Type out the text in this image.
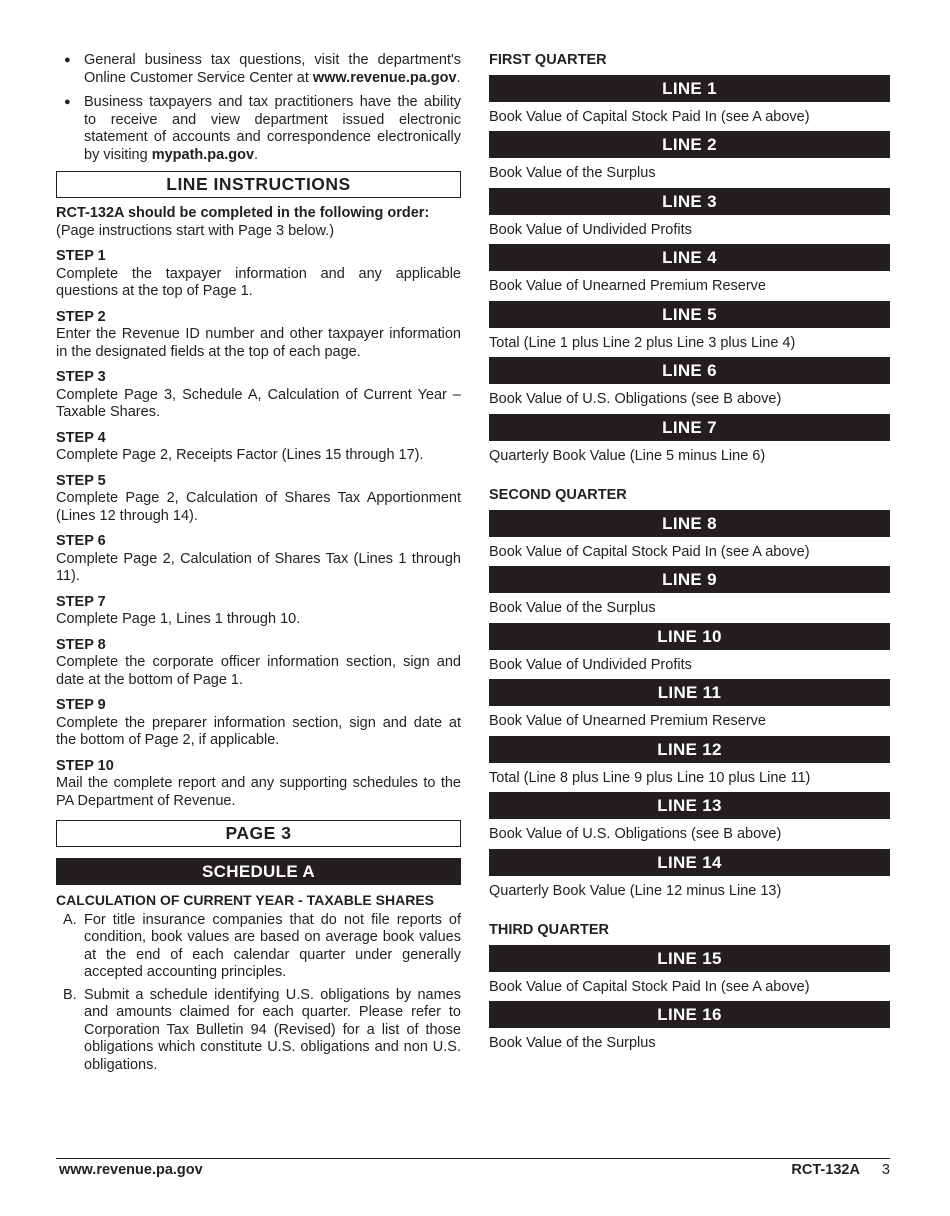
● General business tax questions, visit the department's Online Customer Service Center at www.revenue.pa.gov.
● Business taxpayers and tax practitioners have the ability to receive and view department issued electronic statement of accounts and correspondence electronically by visiting mypath.pa.gov.
LINE INSTRUCTIONS

RCT-132A should be completed in the following order:

(Page instructions start with Page 3 below.)

STEP 1

Complete the taxpayer information and any applicable questions at the top of Page 1.

STEP 2

Enter the Revenue ID number and other taxpayer information in the designated fields at the top of each page.

STEP 3

Complete Page 3, Schedule A, Calculation of Current Year – Taxable Shares.

STEP 4

Complete Page 2, Receipts Factor (Lines 15 through 17).

STEP 5

Complete Page 2, Calculation of Shares Tax Apportionment (Lines 12 through 14).

STEP 6

Complete Page 2, Calculation of Shares Tax (Lines 1 through 11).

STEP 7

Complete Page 1, Lines 1 through 10.

STEP 8

Complete the corporate officer information section, sign and date at the bottom of Page 1.

STEP 9

Complete the preparer information section, sign and date at the bottom of Page 2, if applicable.

STEP 10

Mail the complete report and any supporting schedules to the PA Department of Revenue.

PAGE 3
SCHEDULE A

CALCULATION OF CURRENT YEAR - TAXABLE SHARES

A. For title insurance companies that do not file reports of condition, book values are based on average book values at the end of each calendar quarter under generally accepted accounting principles.
B. Submit a schedule identifying U.S. obligations by names and amounts claimed for each quarter. Please refer to Corporation Tax Bulletin 94 (Revised) for a list of those obligations which constitute U.S. obligations and non U.S. obligations.
FIRST QUARTER
LINE 1

Book Value of Capital Stock Paid In (see A above)

LINE 2

Book Value of the Surplus

LINE 3

Book Value of Undivided Profits

LINE 4

Book Value of Unearned Premium Reserve

LINE 5

Total (Line 1 plus Line 2 plus Line 3 plus Line 4)

LINE 6

Book Value of U.S. Obligations (see B above)

LINE 7

Quarterly Book Value (Line 5 minus Line 6)

SECOND QUARTER
LINE 8

Book Value of Capital Stock Paid In (see A above)

LINE 9

Book Value of the Surplus

LINE 10

Book Value of Undivided Profits

LINE 11

Book Value of Unearned Premium Reserve

LINE 12

Total (Line 8 plus Line 9 plus Line 10 plus Line 11)

LINE 13

Book Value of U.S. Obligations (see B above)

LINE 14

Quarterly Book Value (Line 12 minus Line 13)

THIRD QUARTER
LINE 15

Book Value of Capital Stock Paid In (see A above)

LINE 16

Book Value of the Surplus

www.revenue.pa.gov	RCT-132A 3
